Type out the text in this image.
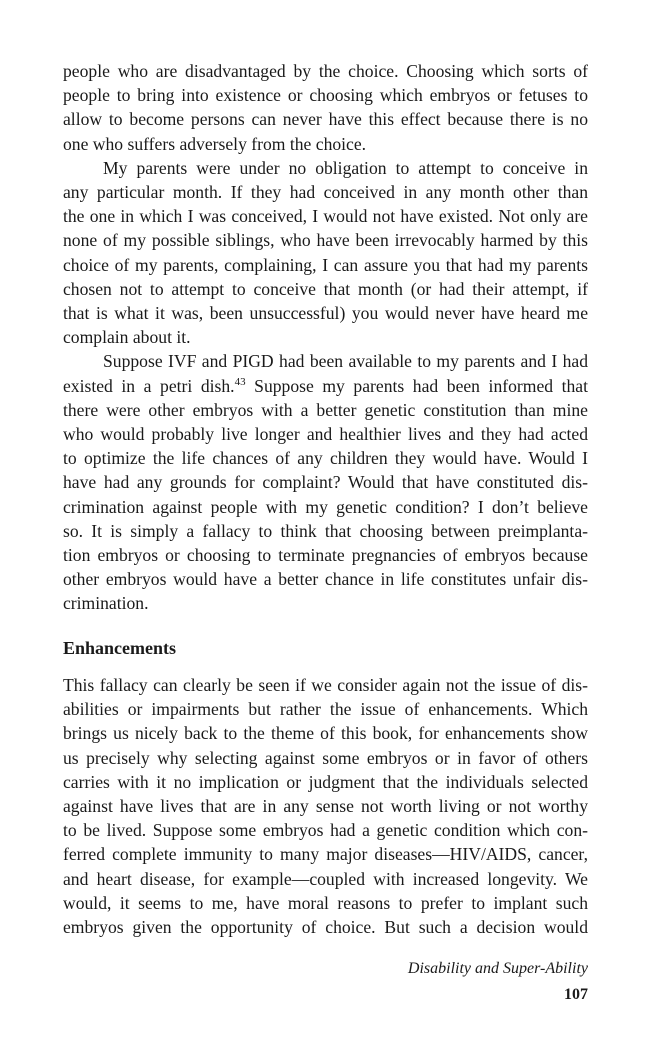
people who are disadvantaged by the choice. Choosing which sorts of
people to bring into existence or choosing which embryos or fetuses to
allow to become persons can never have this effect because there is no
one who suffers adversely from the choice.

My parents were under no obligation to attempt to conceive in
any particular month. If they had conceived in any month other than
the one in which I was conceived, I would not have existed. Not only are
none of my possible siblings, who have been irrevocably harmed by this
choice of my parents, complaining, I can assure you that had my parents
chosen not to attempt to conceive that month (or had their attempt, if
that is what it was, been unsuccessful) you would never have heard me
complain about it.

Suppose IVF and PIGD had been available to my parents and I had
existed in a petri dish.$^{43}$ Suppose my parents had been informed that
there were other embryos with a better genetic constitution than mine
who would probably live longer and healthier lives and they had acted
to optimize the life chances of any children they would have. Would I
have had any grounds for complaint? Would that have constituted dis-
crimination against people with my genetic condition? I don’t believe
so. It is simply a fallacy to think that choosing between preimplanta-
tion embryos or choosing to terminate pregnancies of embryos because
other embryos would have a better chance in life constitutes unfair dis-
crimination.

Enhancements

This fallacy can clearly be seen if we consider again not the issue of dis-
abilities or impairments but rather the issue of enhancements. Which
brings us nicely back to the theme of this book, for enhancements show
us precisely why selecting against some embryos or in favor of others
carries with it no implication or judgment that the individuals selected
against have lives that are in any sense not worth living or not worthy
to be lived. Suppose some embryos had a genetic condition which con-
ferred complete immunity to many major diseases—HIV/AIDS, cancer,
and heart disease, for example—coupled with increased longevity. We
would, it seems to me, have moral reasons to prefer to implant such
embryos given the opportunity of choice. But such a decision would

Disability and Super-Ability
107
